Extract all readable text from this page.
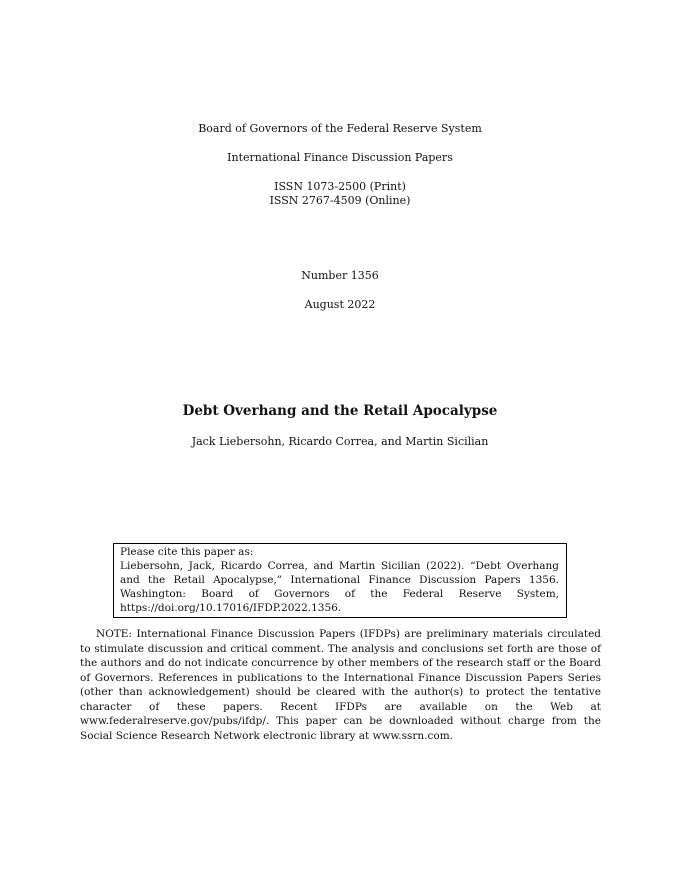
Board of Governors of the Federal Reserve System
International Finance Discussion Papers
ISSN 1073-2500 (Print)
ISSN 2767-4509 (Online)
Number 1356
August 2022
Debt Overhang and the Retail Apocalypse
Jack Liebersohn, Ricardo Correa, and Martin Sicilian
Please cite this paper as:
Liebersohn, Jack, Ricardo Correa, and Martin Sicilian (2022). “Debt Overhang and the Retail Apocalypse,” International Finance Discussion Papers 1356. Washington: Board of Governors of the Federal Reserve System, https://doi.org/10.17016/IFDP.2022.1356.
NOTE: International Finance Discussion Papers (IFDPs) are preliminary materials circulated to stimulate discussion and critical comment. The analysis and conclusions set forth are those of the authors and do not indicate concurrence by other members of the research staff or the Board of Governors. References in publications to the International Finance Discussion Papers Series (other than acknowledgement) should be cleared with the author(s) to protect the tentative character of these papers. Recent IFDPs are available on the Web at www.federalreserve.gov/pubs/ifdp/. This paper can be downloaded without charge from the Social Science Research Network electronic library at www.ssrn.com.
